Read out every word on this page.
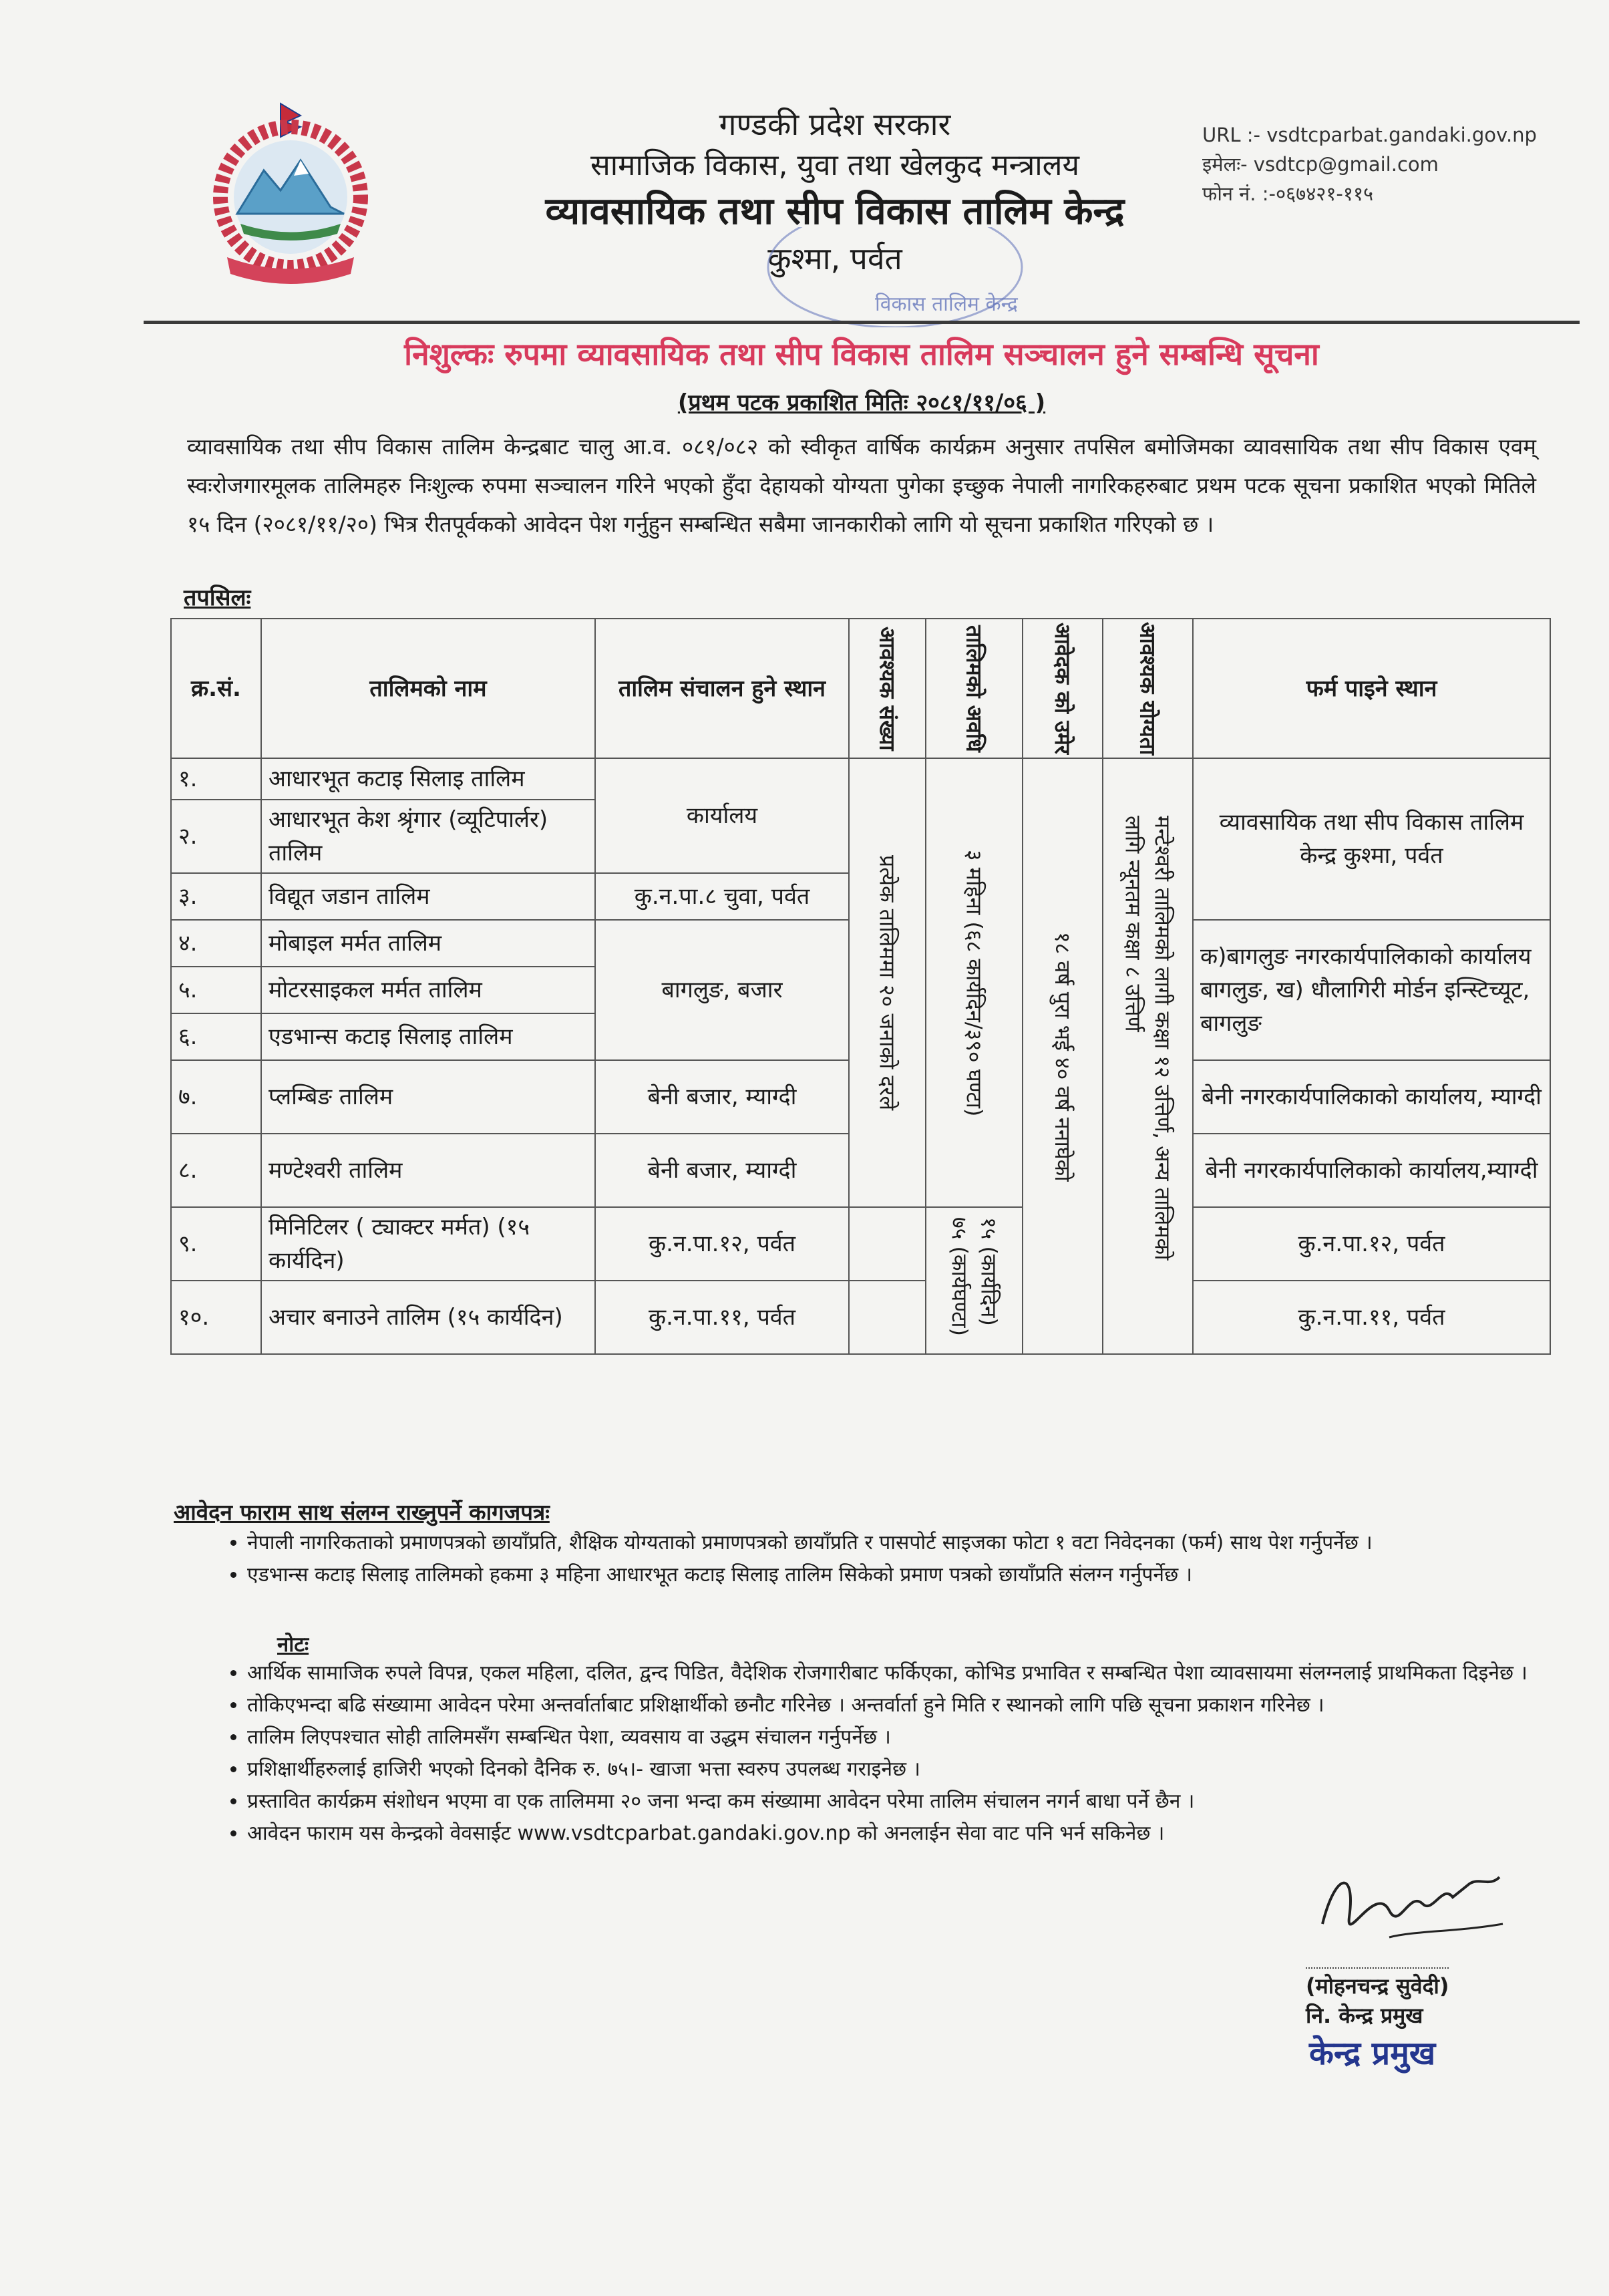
गण्डकी प्रदेश सरकार
सामाजिक विकास, युवा तथा खेलकुद मन्त्रालय
व्यावसायिक तथा सीप विकास तालिम केन्द्र
कुश्मा, पर्वत
URL :- vsdtcparbat.gandaki.gov.np
इमेलः- vsdtcp@gmail.com
फोन नं. :-०६७४२१-११५
विकास तालिम केन्द्र
निशुल्कः रुपमा व्यावसायिक तथा सीप विकास तालिम सञ्चालन हुने सम्बन्धि सूचना
(प्रथम पटक प्रकाशित मितिः २०८१/११/०६ )
व्यावसायिक तथा सीप विकास तालिम केन्द्रबाट चालु आ.व. ०८१/०८२ को स्वीकृत वार्षिक कार्यक्रम अनुसार तपसिल बमोजिमका व्यावसायिक तथा सीप विकास एवम् स्वःरोजगारमूलक तालिमहरु निःशुल्क रुपमा सञ्चालन गरिने भएको हुँदा देहायको योग्यता पुगेका इच्छुक नेपाली नागरिकहरुबाट प्रथम पटक सूचना प्रकाशित भएको मितिले १५ दिन (२०८१/११/२०) भित्र रीतपूर्वकको आवेदन पेश गर्नुहुन सम्बन्धित सबैमा जानकारीको लागि यो सूचना प्रकाशित गरिएको छ ।
तपसिलः
क्र.सं.	तालिमको नाम	तालिम संचालन हुने स्थान	आवश्यक संख्या	तालिमको अवधि	आवेदक को उमेर	आवश्यक योग्यता	फर्म पाइने स्थान
१.	आधारभूत कटाइ सिलाइ तालिम	कार्यालय	प्रत्येक तालिममा २० जनाको दरले	३ महिना (६८ कार्यदिन/३९० घण्टा)	१८ वर्ष पुरा भई ४० वर्ष ननाघेको	मन्टेश्वरी तालिमको लागी कक्षा १२ उत्तिर्ण, अन्य तालिमको लागि न्यूनतम कक्षा ८ उत्तिर्ण	व्यावसायिक तथा सीप विकास तालिम केन्द्र कुश्मा, पर्वत
२.	आधारभूत केश श्रृंगार (व्यूटिपार्लर) तालिम						
३.	विद्यूत जडान तालिम	कु.न.पा.८ चुवा, पर्वत					
४.	मोबाइल मर्मत तालिम	बागलुङ, बजार					क)बागलुङ नगरकार्यपालिकाको कार्यालय बागलुङ, ख) धौलागिरी मोर्डन इन्स्टिच्यूट, बागलुङ
५.	मोटरसाइकल मर्मत तालिम						
६.	एडभान्स कटाइ सिलाइ तालिम						
७.	प्लम्बिङ तालिम	बेनी बजार, म्याग्दी					बेनी नगरकार्यपालिकाको कार्यालय, म्याग्दी
८.	मण्टेश्वरी तालिम	बेनी बजार, म्याग्दी					बेनी नगरकार्यपालिकाको कार्यालय,म्याग्दी
९.	मिनिटिलर ( ट्याक्टर मर्मत) (१५ कार्यदिन)	कु.न.पा.१२, पर्वत		१५ (कार्यदिन) ७५ (कार्यघण्टा)			कु.न.पा.१२, पर्वत
१०.	अचार बनाउने तालिम (१५ कार्यदिन)	कु.न.पा.११, पर्वत					कु.न.पा.११, पर्वत
आवेदन फाराम साथ संलग्न राख्नुपर्ने कागजपत्रः
• नेपाली नागरिकताको प्रमाणपत्रको छायाँप्रति, शैक्षिक योग्यताको प्रमाणपत्रको छायाँप्रति र पासपोर्ट साइजका फोटा १ वटा निवेदनका (फर्म) साथ पेश गर्नुपर्नेछ ।
• एडभान्स कटाइ सिलाइ तालिमको हकमा ३ महिना आधारभूत कटाइ सिलाइ तालिम सिकेको प्रमाण पत्रको छायाँप्रति संलग्न गर्नुपर्नेछ ।
नोटः
• आर्थिक सामाजिक रुपले विपन्न, एकल महिला, दलित, द्वन्द पिडित, वैदेशिक रोजगारीबाट फर्किएका, कोभिड प्रभावित र सम्बन्धित पेशा व्यावसायमा संलग्नलाई प्राथमिकता दिइनेछ ।
• तोकिएभन्दा बढि संख्यामा आवेदन परेमा अन्तर्वार्ताबाट प्रशिक्षार्थीको छनौट गरिनेछ । अन्तर्वार्ता हुने मिति र स्थानको लागि पछि सूचना प्रकाशन गरिनेछ ।
• तालिम लिएपश्चात सोही तालिमसँग सम्बन्धित पेशा, व्यवसाय वा उद्धम संचालन गर्नुपर्नेछ ।
• प्रशिक्षार्थीहरुलाई हाजिरी भएको दिनको दैनिक रु. ७५।- खाजा भत्ता स्वरुप उपलब्ध गराइनेछ ।
• प्रस्तावित कार्यक्रम संशोधन भएमा वा एक तालिममा २० जना भन्दा कम संख्यामा आवेदन परेमा तालिम संचालन नगर्न बाधा पर्ने छैन ।
• आवेदन फाराम यस केन्द्रको वेवसाईट www.vsdtcparbat.gandaki.gov.np को अनलाईन सेवा वाट पनि भर्न सकिनेछ ।
(मोहनचन्द्र सुवेदी)
नि. केन्द्र प्रमुख
केन्द्र प्रमुख
